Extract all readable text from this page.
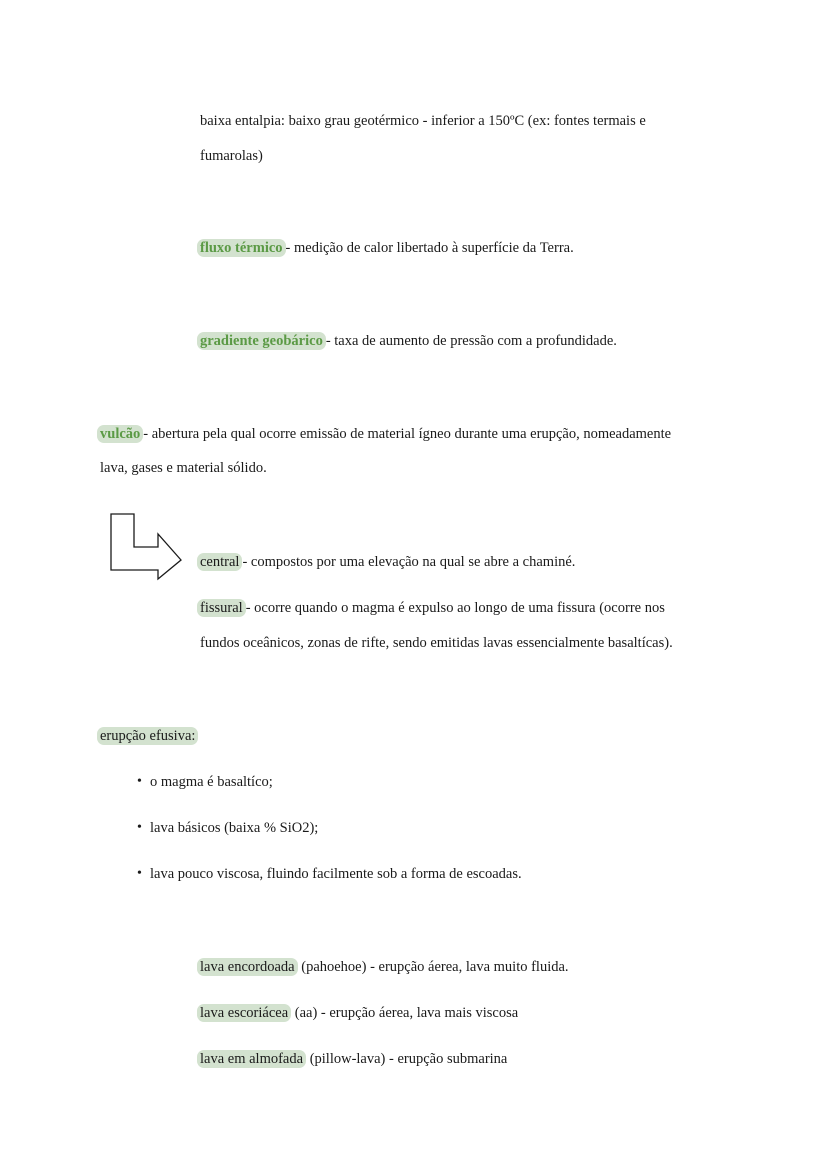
baixa entalpia: baixo grau geotérmico - inferior a 150ºC (ex: fontes termais e
fumarolas)
fluxo térmico - medição de calor libertado à superfície da Terra.
gradiente geobárico - taxa de aumento de pressão com a profundidade.
vulcão - abertura pela qual ocorre emissão de material ígneo durante uma erupção, nomeadamente
lava, gases e material sólido.
central - compostos por uma elevação na qual se abre a chaminé.
fissural - ocorre quando o magma é expulso ao longo de uma fissura (ocorre nos
fundos oceânicos, zonas de rifte, sendo emitidas lavas essencialmente basaltícas).
erupção efusiva:
• o magma é basaltíco;
• lava básicos (baixa % SiO2);
• lava pouco viscosa, fluindo facilmente sob a forma de escoadas.
lava encordoada (pahoehoe) - erupção áerea, lava muito fluida.
lava escoriácea (aa) - erupção áerea, lava mais viscosa
lava em almofada (pillow-lava) - erupção submarina
